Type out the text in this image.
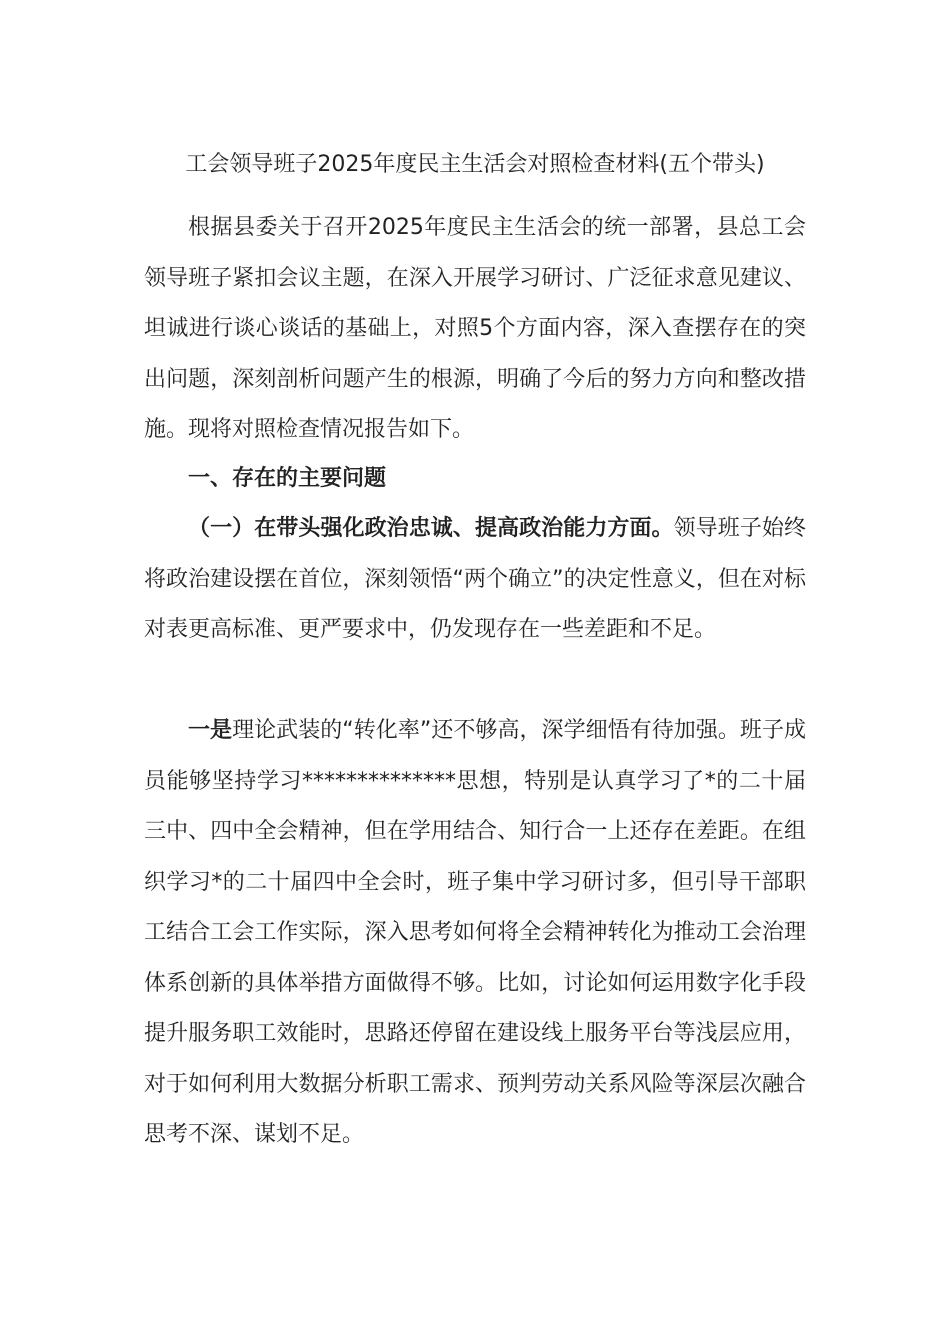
工会领导班子2025年度民主生活会对照检查材料(五个带头)

根据县委关于召开2025年度民主生活会的统一部署，县总工会领导班子紧扣会议主题，在深入开展学习研讨、广泛征求意见建议、坦诚进行谈心谈话的基础上，对照5个方面内容，深入查摆存在的突出问题，深刻剖析问题产生的根源，明确了今后的努力方向和整改措施。现将对照检查情况报告如下。

一、存在的主要问题

（一）在带头强化政治忠诚、提高政治能力方面。领导班子始终将政治建设摆在首位，深刻领悟“两个确立”的决定性意义，但在对标对表更高标准、更严要求中，仍发现存在一些差距和不足。

一是理论武装的“转化率”还不够高，深学细悟有待加强。班子成员能够坚持学习**************思想，特别是认真学习了*的二十届三中、四中全会精神，但在学用结合、知行合一上还存在差距。在组织学习*的二十届四中全会时，班子集中学习研讨多，但引导干部职工结合工会工作实际，深入思考如何将全会精神转化为推动工会治理体系创新的具体举措方面做得不够。比如，讨论如何运用数字化手段提升服务职工效能时，思路还停留在建设线上服务平台等浅层应用，对于如何利用大数据分析职工需求、预判劳动关系风险等深层次融合思考不深、谋划不足。
